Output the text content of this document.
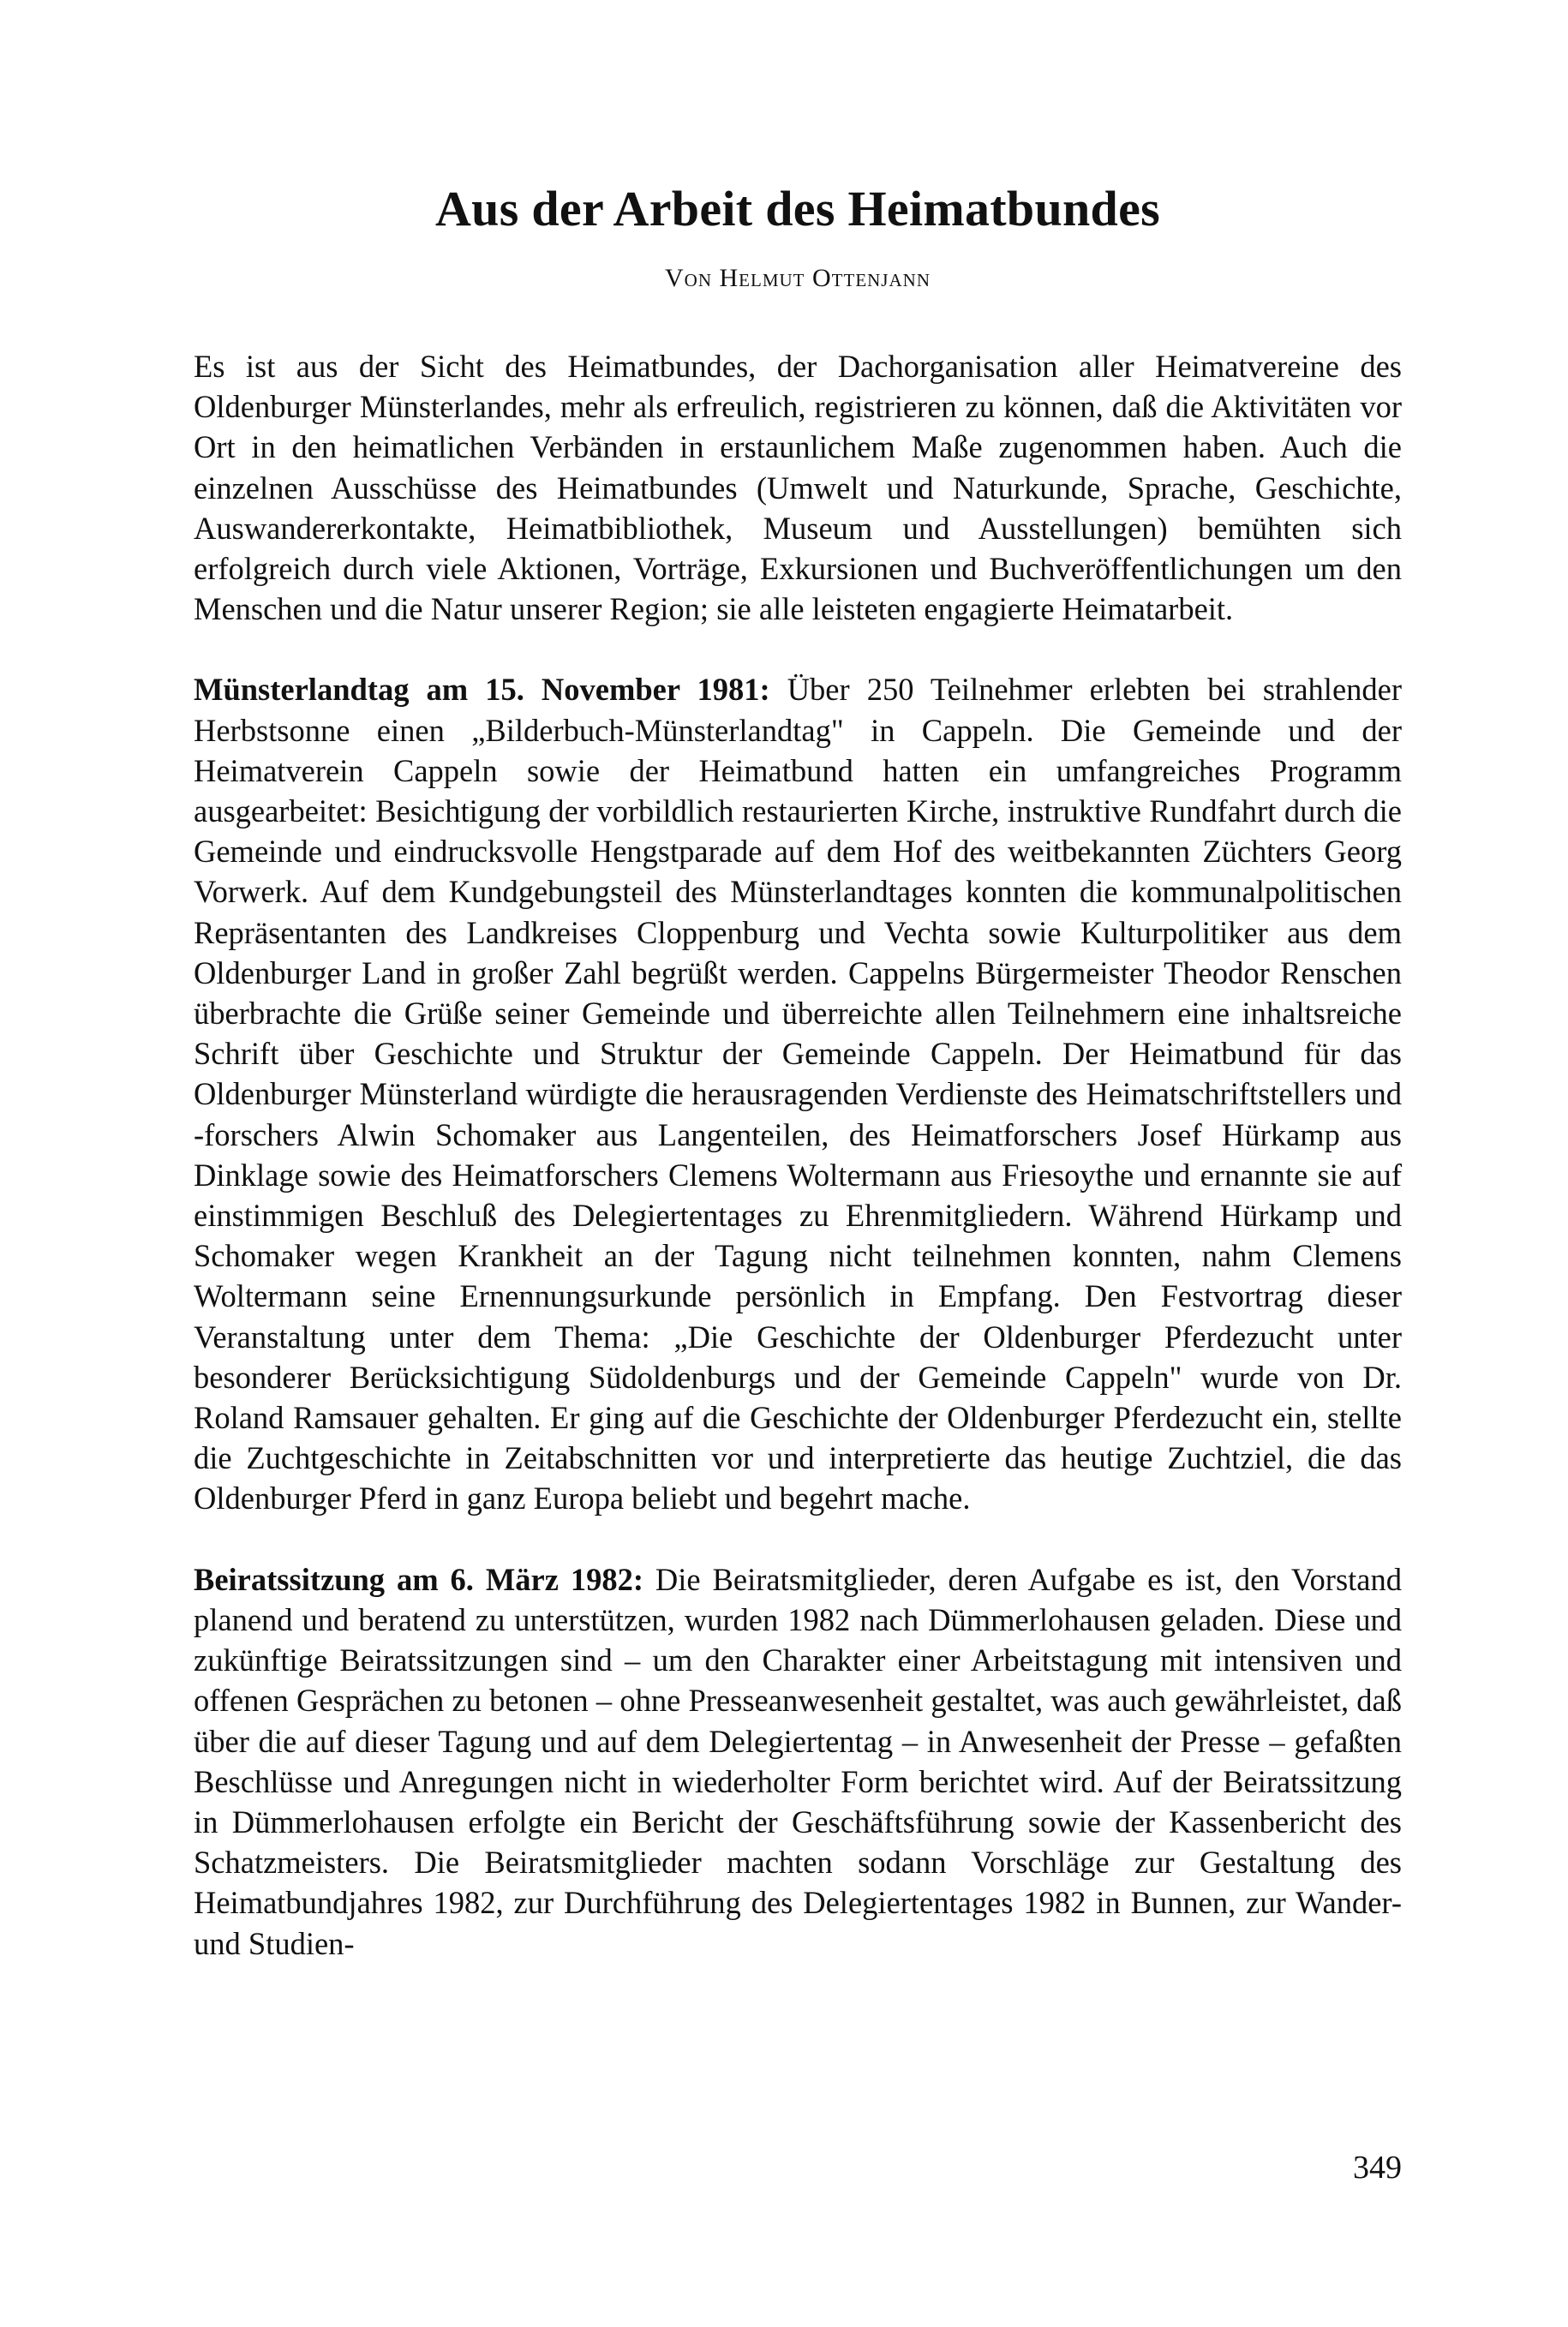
Aus der Arbeit des Heimatbundes

Von Helmut Ottenjann

Es ist aus der Sicht des Heimatbundes, der Dachorganisation aller Heimatvereine des Oldenburger Münsterlandes, mehr als erfreulich, registrieren zu können, daß die Aktivitäten vor Ort in den heimatlichen Verbänden in erstaunlichem Maße zugenommen haben. Auch die einzelnen Ausschüsse des Heimatbundes (Umwelt und Naturkunde, Sprache, Geschichte, Auswandererkontakte, Heimatbibliothek, Museum und Ausstellungen) bemühten sich erfolgreich durch viele Aktionen, Vorträge, Exkursionen und Buchveröffentlichungen um den Menschen und die Natur unserer Region; sie alle leisteten engagierte Heimatarbeit.

Münsterlandtag am 15. November 1981: Über 250 Teilnehmer erlebten bei strahlender Herbstsonne einen „Bilderbuch-Münsterlandtag" in Cappeln. Die Gemeinde und der Heimatverein Cappeln sowie der Heimatbund hatten ein umfangreiches Programm ausgearbeitet: Besichtigung der vorbildlich restaurierten Kirche, instruktive Rundfahrt durch die Gemeinde und eindrucksvolle Hengstparade auf dem Hof des weitbekannten Züchters Georg Vorwerk. Auf dem Kundgebungsteil des Münsterlandtages konnten die kommunalpolitischen Repräsentanten des Landkreises Cloppenburg und Vechta sowie Kulturpolitiker aus dem Oldenburger Land in großer Zahl begrüßt werden. Cappelns Bürgermeister Theodor Renschen überbrachte die Grüße seiner Gemeinde und überreichte allen Teilnehmern eine inhaltsreiche Schrift über Geschichte und Struktur der Gemeinde Cappeln. Der Heimatbund für das Oldenburger Münsterland würdigte die herausragenden Verdienste des Heimatschriftstellers und -forschers Alwin Schomaker aus Langenteilen, des Heimatforschers Josef Hürkamp aus Dinklage sowie des Heimatforschers Clemens Woltermann aus Friesoythe und ernannte sie auf einstimmigen Beschluß des Delegiertentages zu Ehrenmitgliedern. Während Hürkamp und Schomaker wegen Krankheit an der Tagung nicht teilnehmen konnten, nahm Clemens Woltermann seine Ernennungsurkunde persönlich in Empfang. Den Festvortrag dieser Veranstaltung unter dem Thema: „Die Geschichte der Oldenburger Pferdezucht unter besonderer Berücksichtigung Südoldenburgs und der Gemeinde Cappeln" wurde von Dr. Roland Ramsauer gehalten. Er ging auf die Geschichte der Oldenburger Pferdezucht ein, stellte die Zuchtgeschichte in Zeitabschnitten vor und interpretierte das heutige Zuchtziel, die das Oldenburger Pferd in ganz Europa beliebt und begehrt mache.

Beiratssitzung am 6. März 1982: Die Beiratsmitglieder, deren Aufgabe es ist, den Vorstand planend und beratend zu unterstützen, wurden 1982 nach Dümmerlohausen geladen. Diese und zukünftige Beiratssitzungen sind – um den Charakter einer Arbeitstagung mit intensiven und offenen Gesprächen zu betonen – ohne Presseanwesenheit gestaltet, was auch gewährleistet, daß über die auf dieser Tagung und auf dem Delegiertentag – in Anwesenheit der Presse – gefaßten Beschlüsse und Anregungen nicht in wiederholter Form berichtet wird. Auf der Beiratssitzung in Dümmerlohausen erfolgte ein Bericht der Geschäftsführung sowie der Kassenbericht des Schatzmeisters. Die Beiratsmitglieder machten sodann Vorschläge zur Gestaltung des Heimatbundjahres 1982, zur Durchführung des Delegiertentages 1982 in Bunnen, zur Wander- und Studien-

349
